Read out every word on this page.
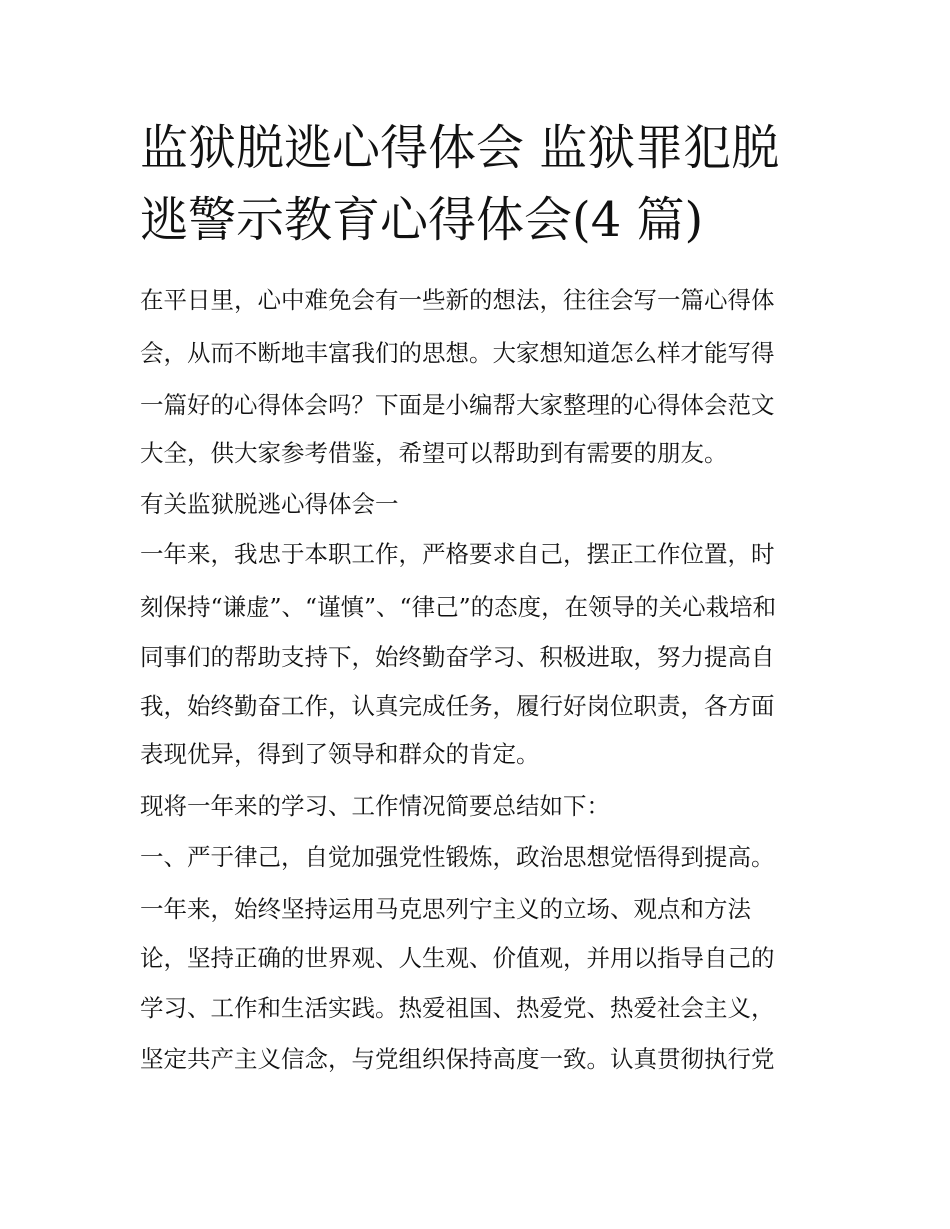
监狱脱逃心得体会 监狱罪犯脱
逃警示教育心得体会(4 篇)

在平日里，心中难免会有一些新的想法，往往会写一篇心得体

会，从而不断地丰富我们的思想。大家想知道怎么样才能写得

一篇好的心得体会吗？下面是小编帮大家整理的心得体会范文

大全，供大家参考借鉴，希望可以帮助到有需要的朋友。

有关监狱脱逃心得体会一

一年来，我忠于本职工作，严格要求自己，摆正工作位置，时

刻保持“谦虚”、“谨慎”、“律己”的态度，在领导的关心栽培和

同事们的帮助支持下，始终勤奋学习、积极进取，努力提高自

我，始终勤奋工作，认真完成任务，履行好岗位职责，各方面

表现优异，得到了领导和群众的肯定。

现将一年来的学习、工作情况简要总结如下：

一、严于律己，自觉加强党性锻炼，政治思想觉悟得到提高。

一年来，始终坚持运用马克思列宁主义的立场、观点和方法

论，坚持正确的世界观、人生观、价值观，并用以指导自己的

学习、工作和生活实践。热爱祖国、热爱党、热爱社会主义，

坚定共产主义信念，与党组织保持高度一致。认真贯彻执行党
